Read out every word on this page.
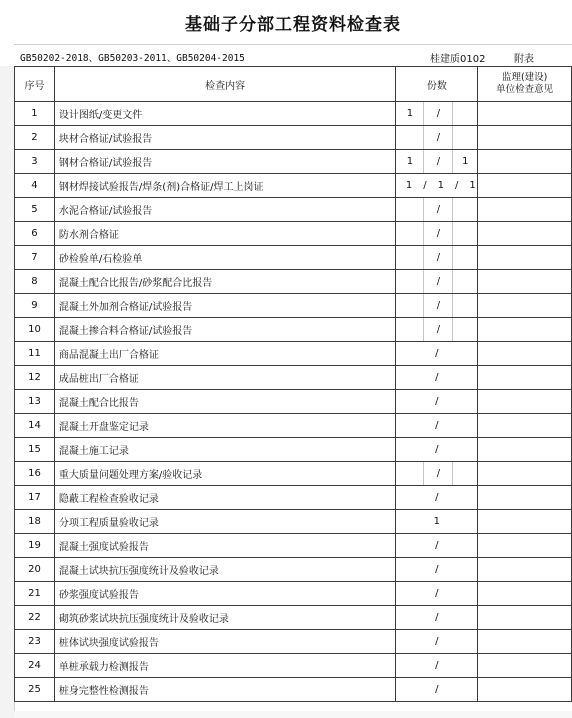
基础子分部工程资料检查表
GB50202-2018、GB50203-2011、GB50204-2015	桂建质0102	附表
序号	检查内容	份数	监理(建设)
单位检查意见
1	设计图纸/变更文件	1 /	

2	块材合格证/试验报告	/	

3	钢材合格证/试验报告	1 / 1	

4	钢材焊接试验报告/焊条(剂)合格证/焊工上岗证	1 / 1 / 1	

5	水泥合格证/试验报告	/	

6	防水剂合格证	/	

7	砂检验单/石检验单	/	

8	混凝土配合比报告/砂浆配合比报告	/	

9	混凝土外加剂合格证/试验报告	/	

10	混凝土掺合料合格证/试验报告	/	

11	商品混凝土出厂合格证	/	

12	成品桩出厂合格证	/	

13	混凝土配合比报告	/	

14	混凝土开盘鉴定记录	/	

15	混凝土施工记录	/	

16	重大质量问题处理方案/验收记录	/	

17	隐蔽工程检查验收记录	/	

18	分项工程质量验收记录	1	

19	混凝土强度试验报告	/	

20	混凝土试块抗压强度统计及验收记录	/	

21	砂浆强度试验报告	/	

22	砌筑砂浆试块抗压强度统计及验收记录	/	

23	桩体试块强度试验报告	/	

24	单桩承载力检测报告	/	

25	桩身完整性检测报告	/	
